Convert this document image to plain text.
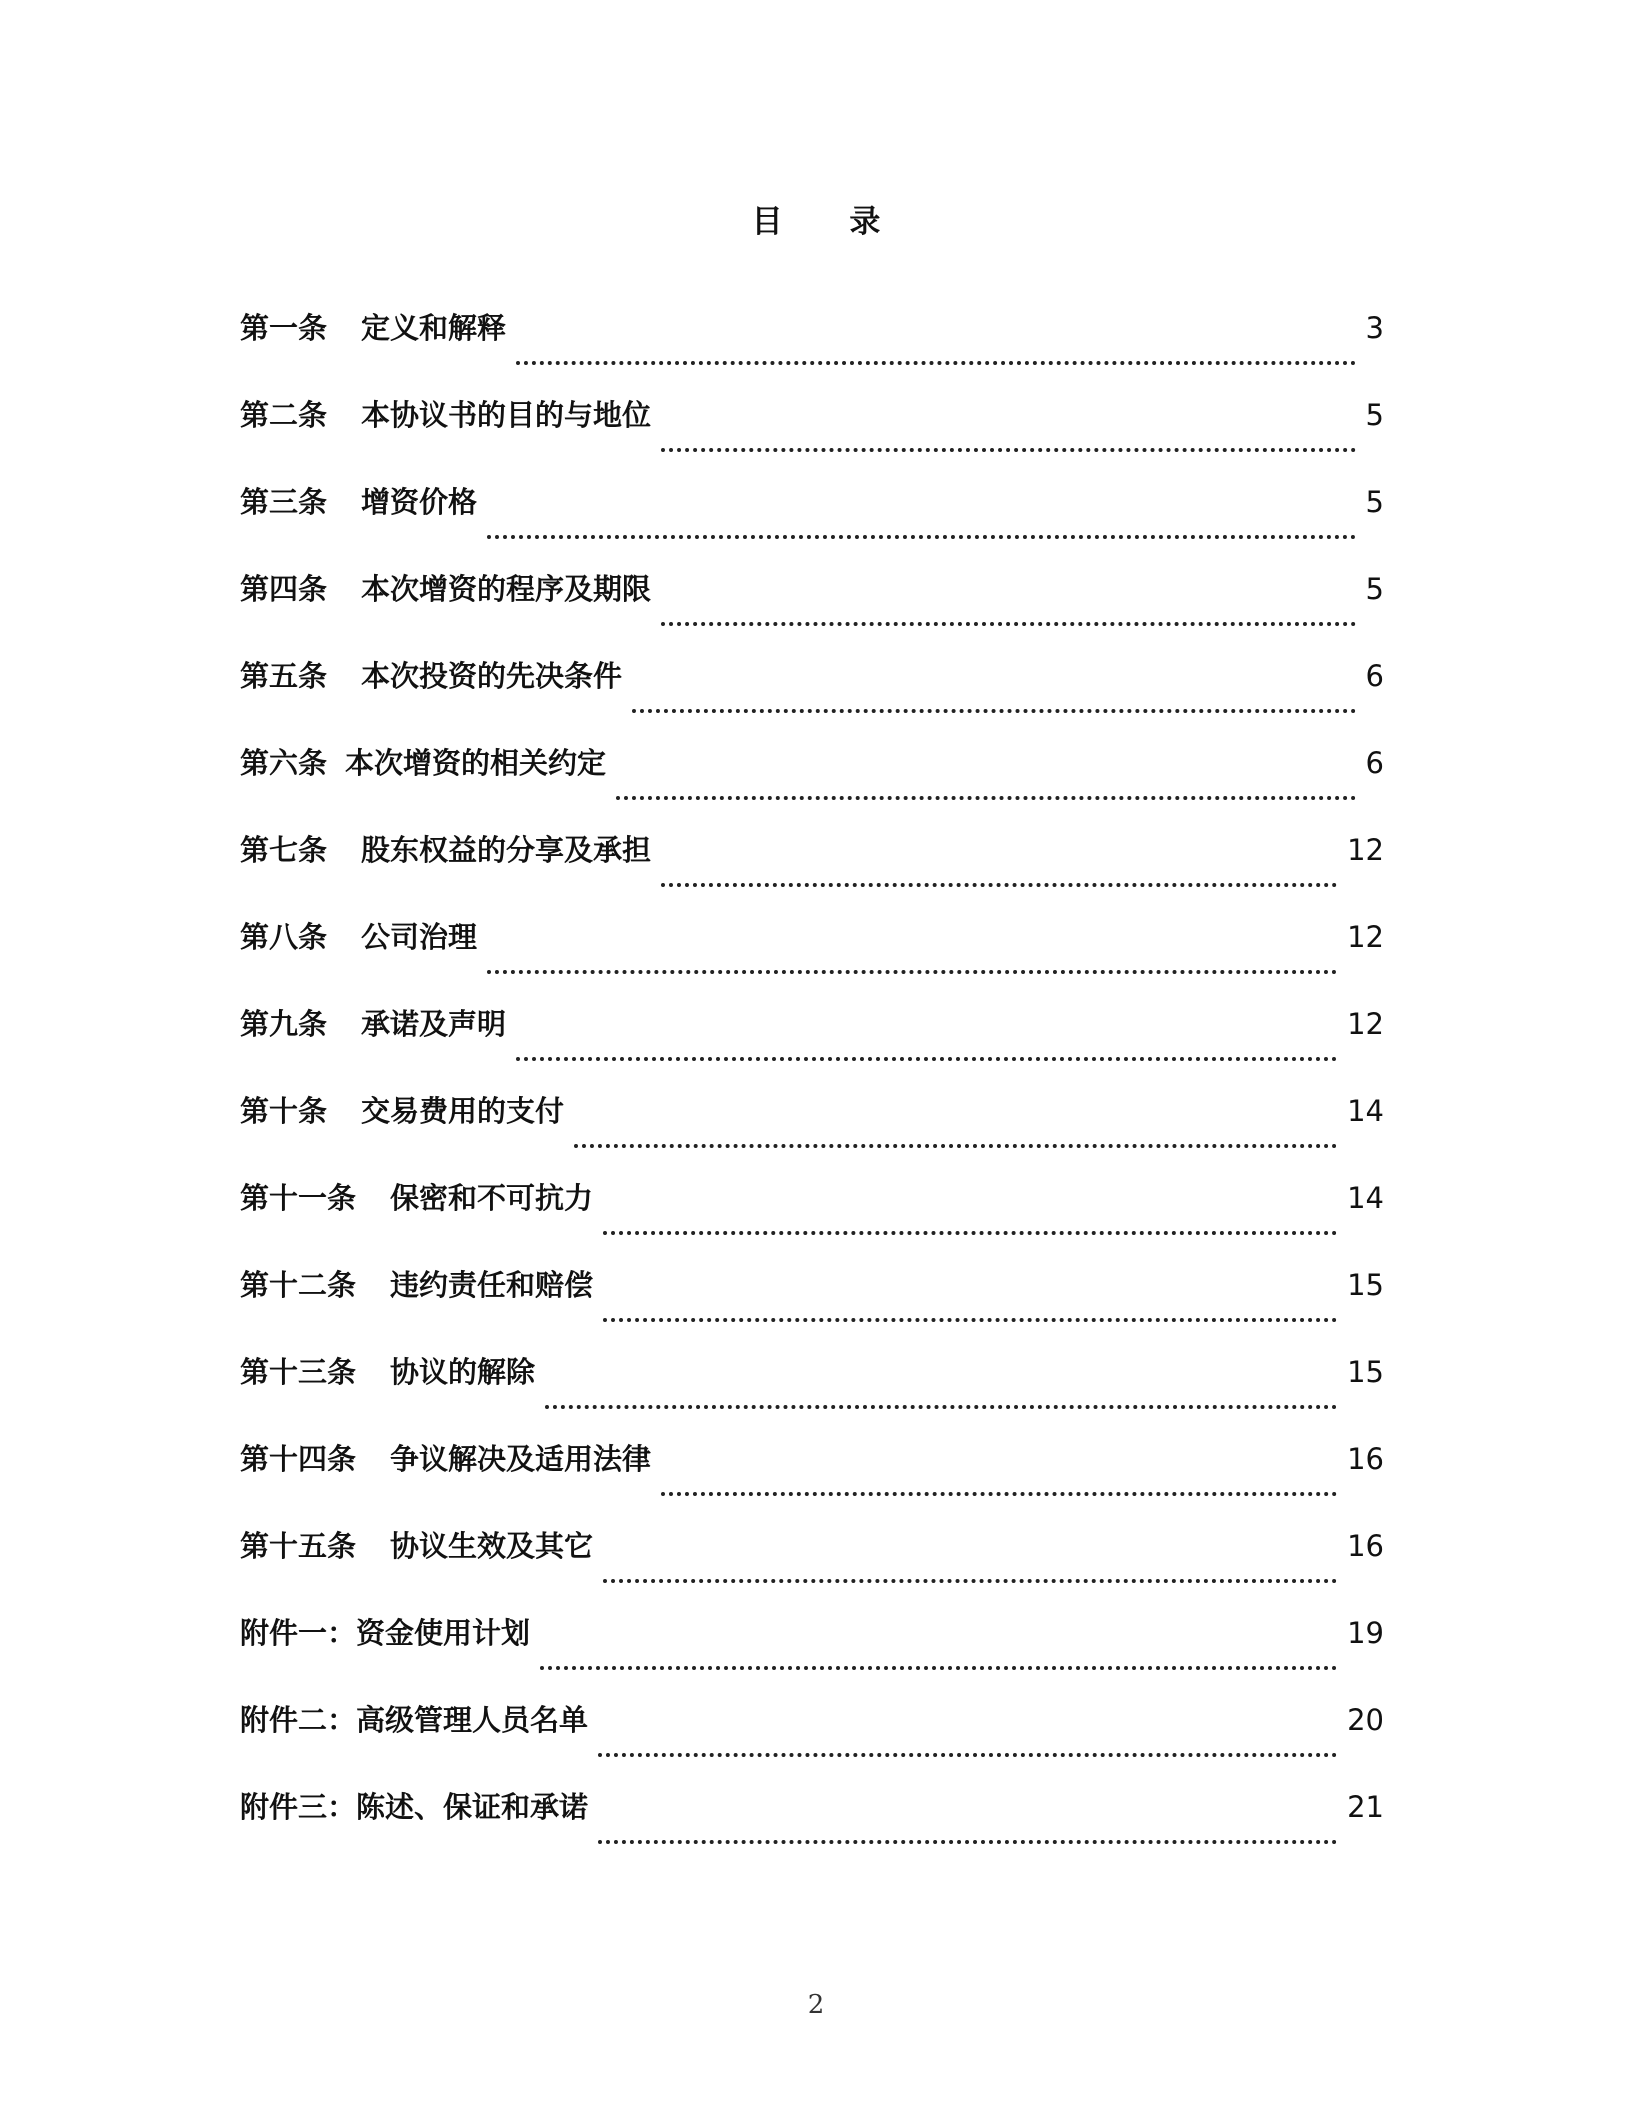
目 录
第一条 定义和解释	3
第二条 本协议书的目的与地位	5
第三条 增资价格	5
第四条 本次增资的程序及期限	5
第五条 本次投资的先决条件	6
第六条 本次增资的相关约定	6
第七条 股东权益的分享及承担	12
第八条 公司治理	12
第九条 承诺及声明	12
第十条 交易费用的支付	14
第十一条 保密和不可抗力	14
第十二条 违约责任和赔偿	15
第十三条 协议的解除	15
第十四条 争议解决及适用法律	16
第十五条 协议生效及其它	16
附件一： 资金使用计划	19
附件二： 高级管理人员名单	20
附件三： 陈述、保证和承诺	21
2
